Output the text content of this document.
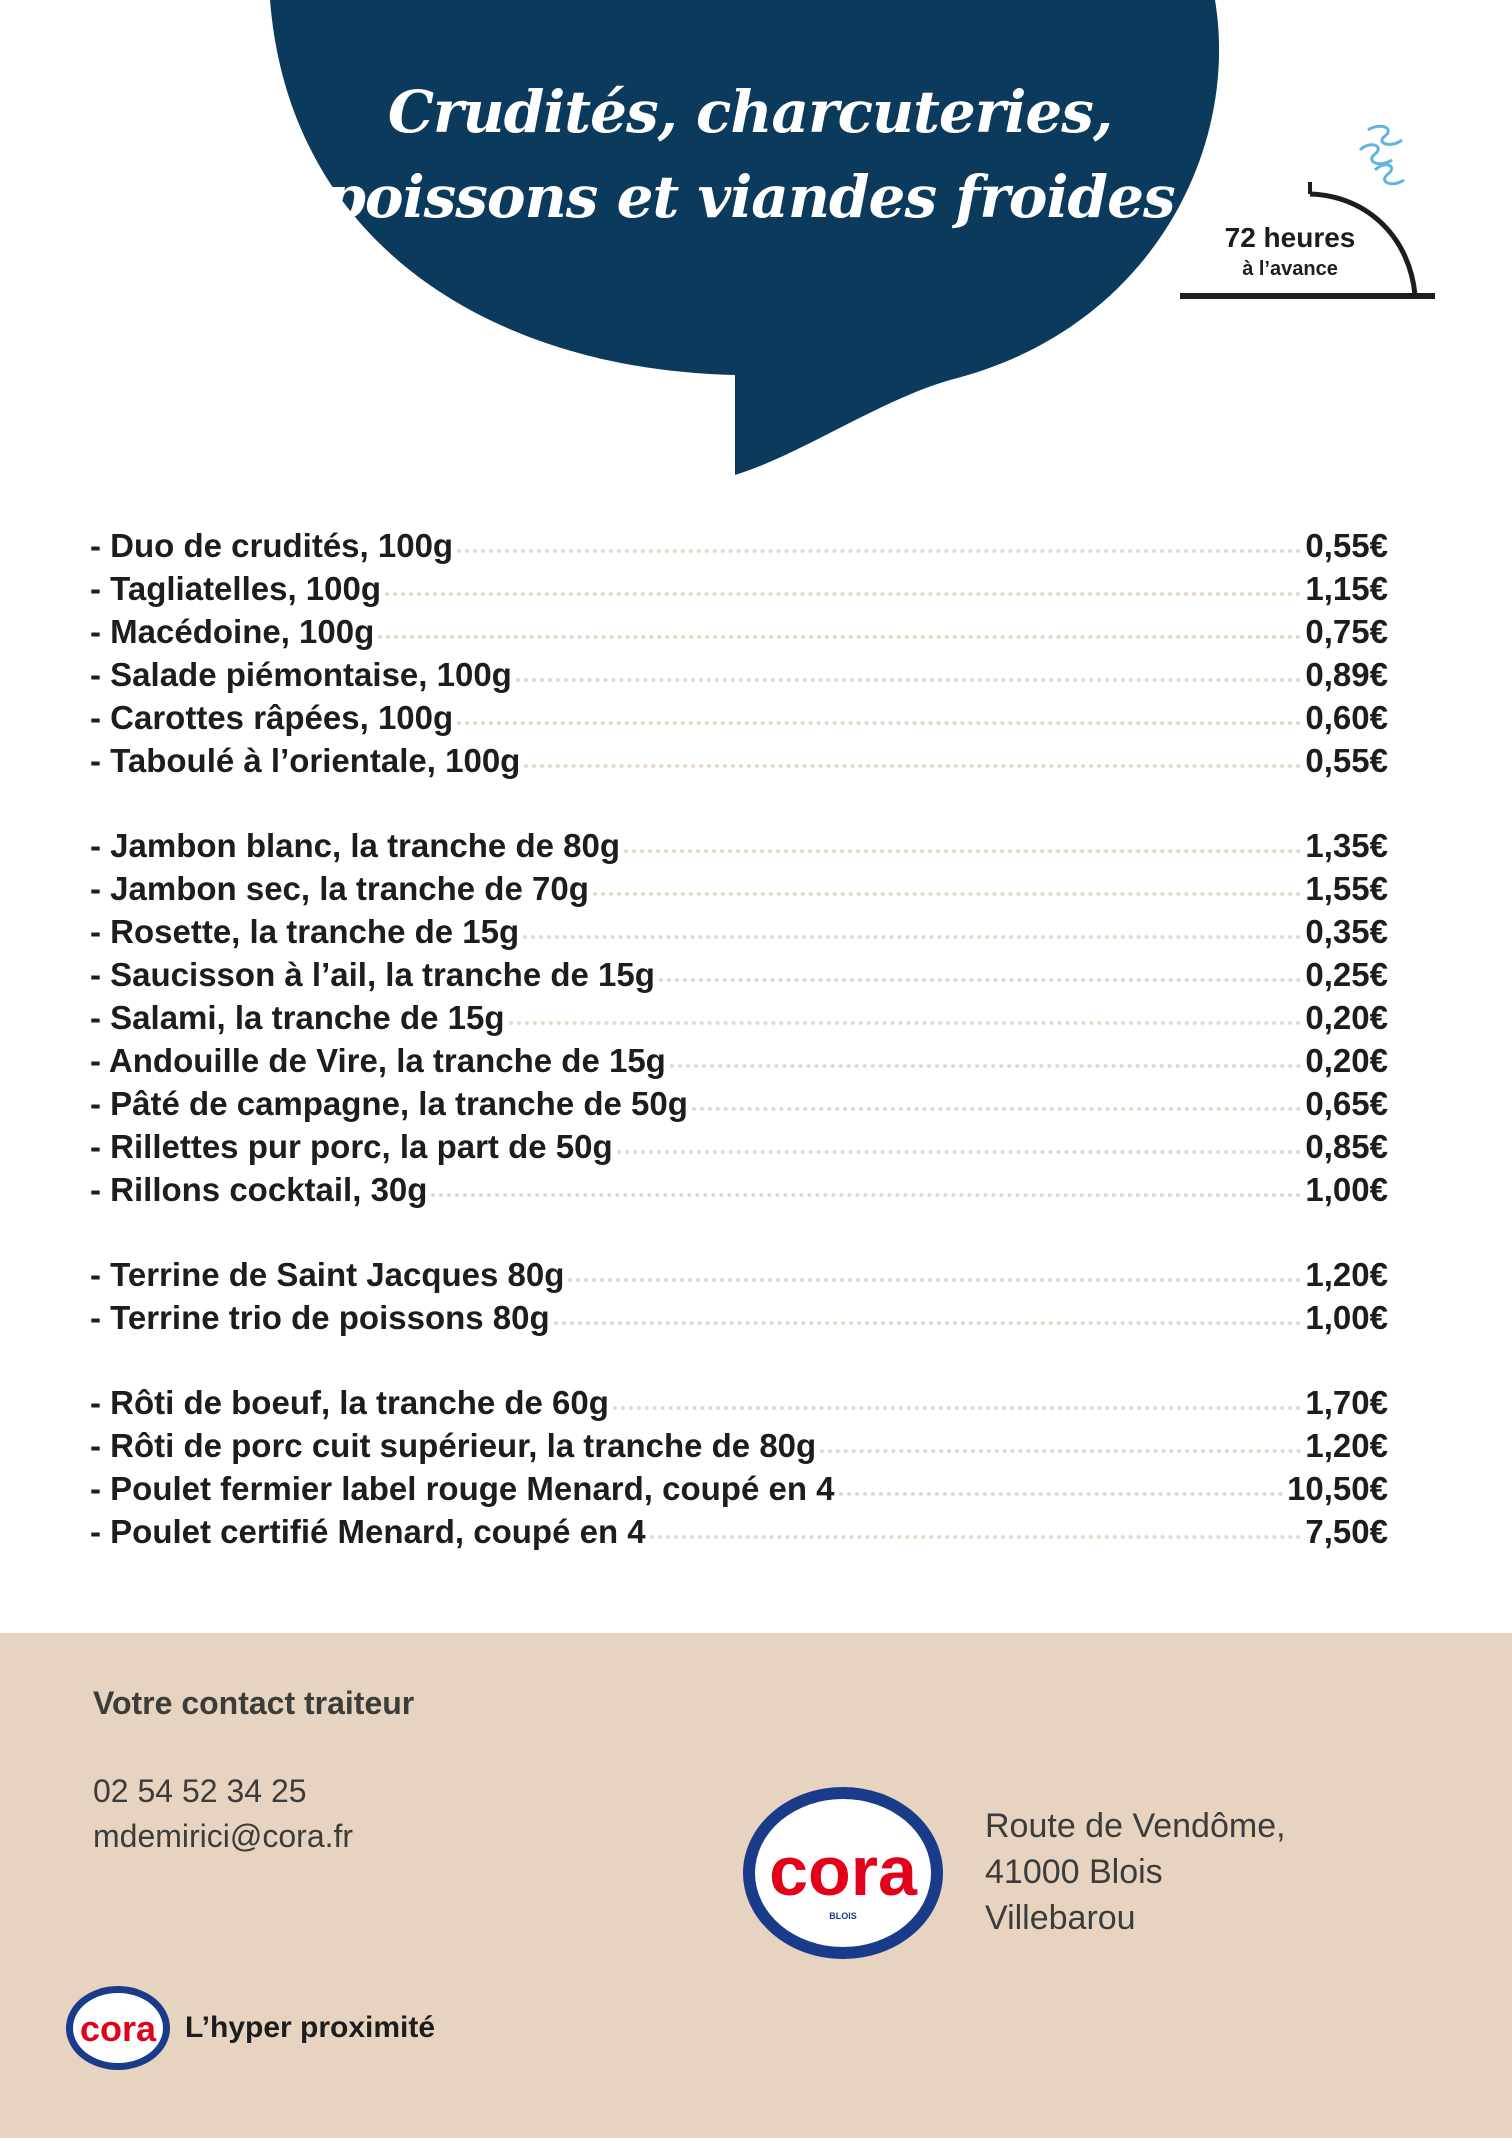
Crudités, charcuteries,
poissons et viandes froides
72 heures
à l’avance
- Duo de crudités, 100g	0,55€
- Tagliatelles, 100g	1,15€
- Macédoine, 100g	0,75€
- Salade piémontaise, 100g	0,89€
- Carottes râpées, 100g	0,60€
- Taboulé à l’orientale, 100g	0,55€
- Jambon blanc, la tranche de 80g	1,35€
- Jambon sec, la tranche de 70g	1,55€
- Rosette, la tranche de 15g	0,35€
- Saucisson à l’ail, la tranche de 15g	0,25€
- Salami, la tranche de 15g	0,20€
- Andouille de Vire, la tranche de 15g	0,20€
- Pâté de campagne, la tranche de 50g	0,65€
- Rillettes pur porc, la part de 50g	0,85€
- Rillons cocktail, 30g	1,00€
- Terrine de Saint Jacques 80g	1,20€
- Terrine trio de poissons 80g	1,00€
- Rôti de boeuf, la tranche de 60g	1,70€
- Rôti de porc cuit supérieur, la tranche de 80g	1,20€
- Poulet fermier label rouge Menard, coupé en 4	10,50€
- Poulet certifié Menard, coupé en 4	7,50€
Votre contact traiteur
02 54 52 34 25
mdemirici@cora.fr	cora
BLOIS
Route de Vendôme,
41000 Blois
Villebarou
cora L’hyper proximité
